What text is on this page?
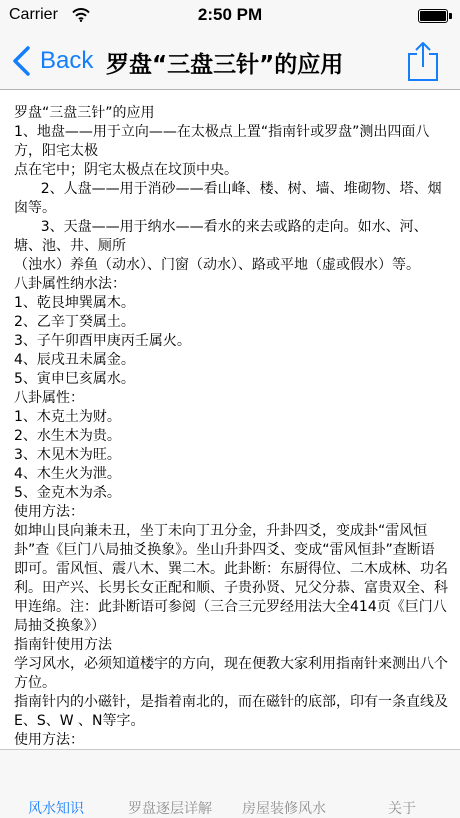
Carrier	2:50 PM
Back 罗盘“三盘三针”的应用

罗盘“三盘三针”的应用

1、地盘——用于立向——在太极点上置“指南针或罗盘”测出四面八方，阳宅太极

点在宅中；阴宅太极点在坟顶中央。

2、人盘——用于消砂——看山峰、楼、树、墙、堆砌物、塔、烟囱等。

3、天盘——用于纳水——看水的来去或路的走向。如水、河、塘、池、井、厕所

（浊水）养鱼（动水）、门窗（动水）、路或平地（虚或假水）等。

八卦属性纳水法：

1、乾艮坤巽属木。

2、乙辛丁癸属土。

3、子午卯酉甲庚丙壬属火。

4、辰戌丑未属金。

5、寅申巳亥属水。

八卦属性：

1、木克土为财。

2、水生木为贵。

3、木见木为旺。

4、木生火为泄。

5、金克木为杀。

使用方法：

如坤山艮向兼未丑，坐丁未向丁丑分金，升卦四爻，变成卦“雷风恒卦”查《巨门八局抽爻换象》。坐山升卦四爻、变成“雷风恒卦”查断语即可。雷风恒、震八木、巽二木。此卦断：东厨得位、二木成林、功名利。田产兴、长男长女正配和顺、子贵孙贤、兄父分恭、富贵双全、科甲连绵。注：此卦断语可参阅（三合三元罗经用法大全414页《巨门八局抽爻换象》）

指南针使用方法

学习风水，必须知道楼宇的方向，现在便教大家利用指南针来测出八个方位。

指南针内的小磁针，是指着南北的，而在磁针的底部，印有一条直线及E、S、W 、N等字。

使用方法：

风水知识	罗盘逐层详解 房屋装修风水	关于
